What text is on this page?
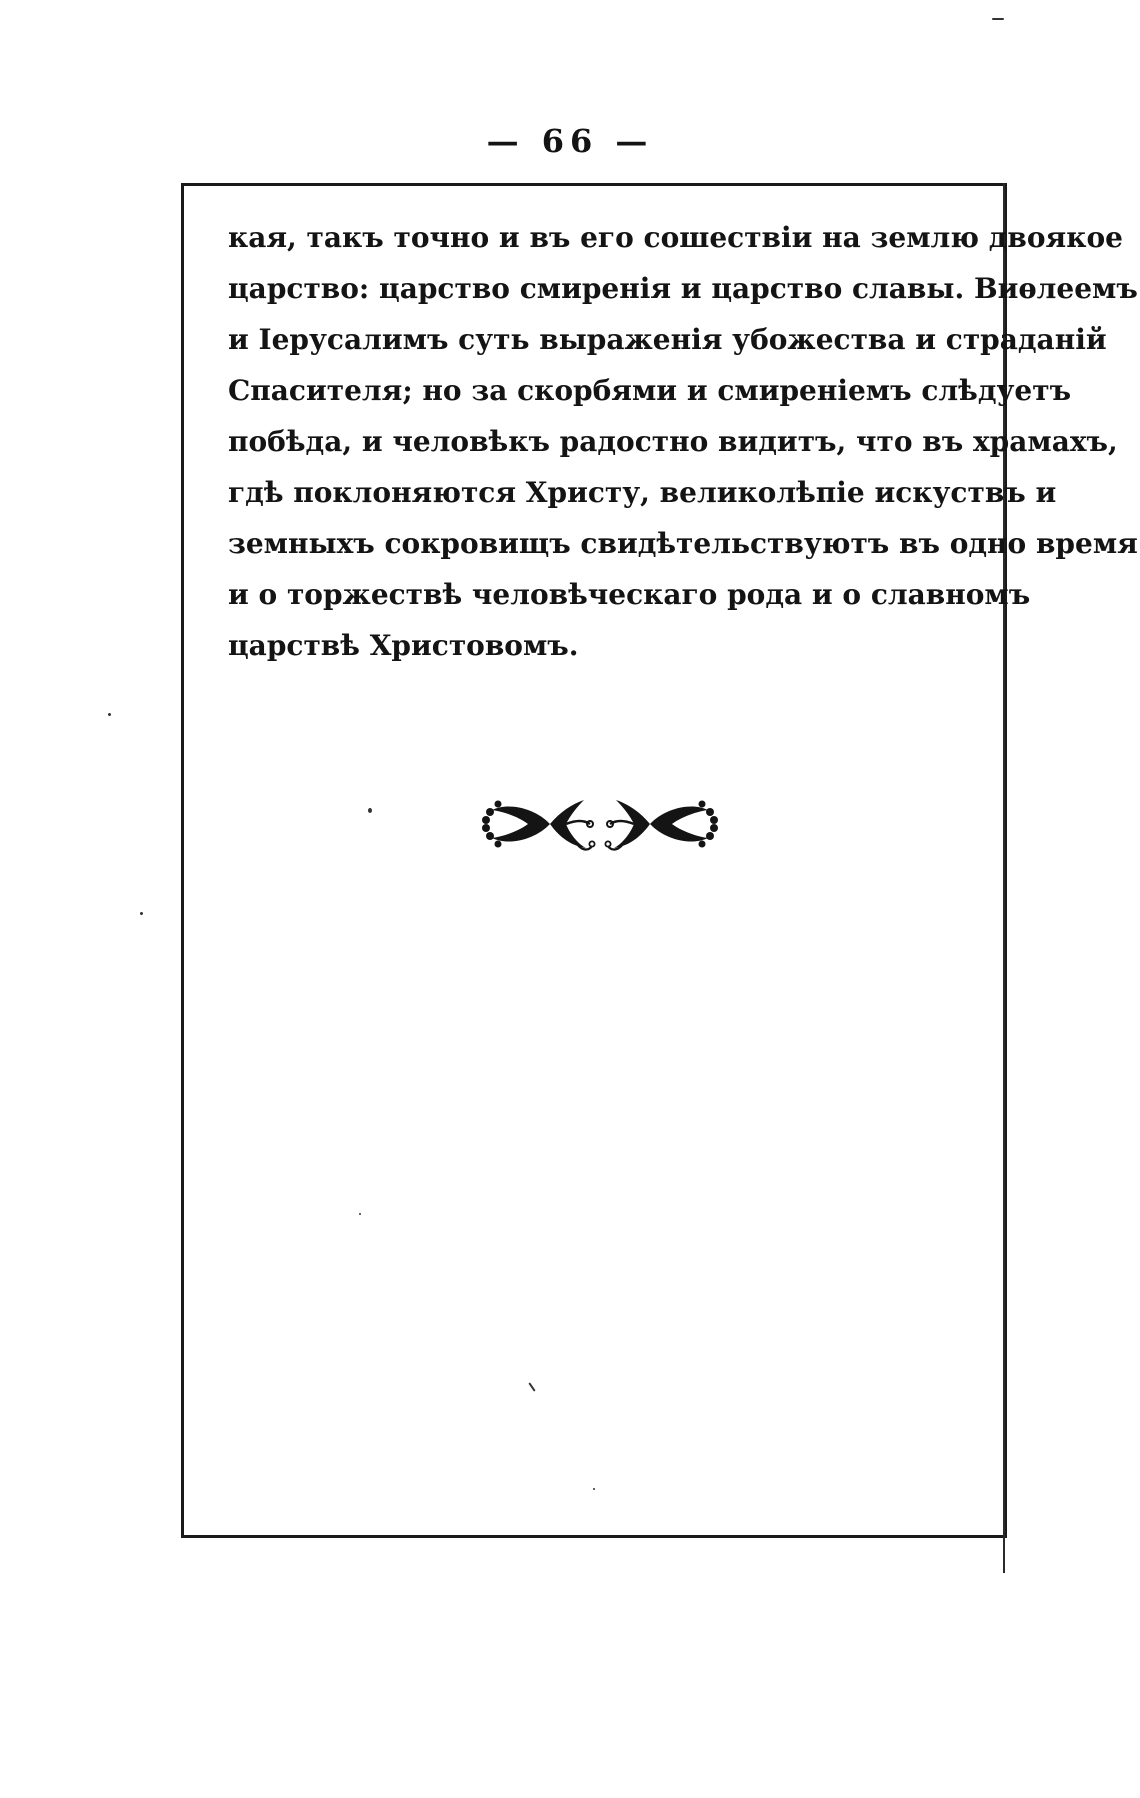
— 66 —
кая, такъ точно и въ его сошествіи на землю двоякое
царство: царство смиренія и царство славы. Виѳлеемъ
и Іерусалимъ суть выраженія убожества и страданій
Спасителя; но за скорбями и смиреніемъ слѣдуетъ
побѣда, и человѣкъ радостно видитъ, что въ храмахъ,
гдѣ поклоняются Христу, великолѣпіе искуствъ и
земныхъ сокровищъ свидѣтельствуютъ въ одно время
и о торжествѣ человѣческаго рода и о славномъ
царствѣ Христовомъ.
